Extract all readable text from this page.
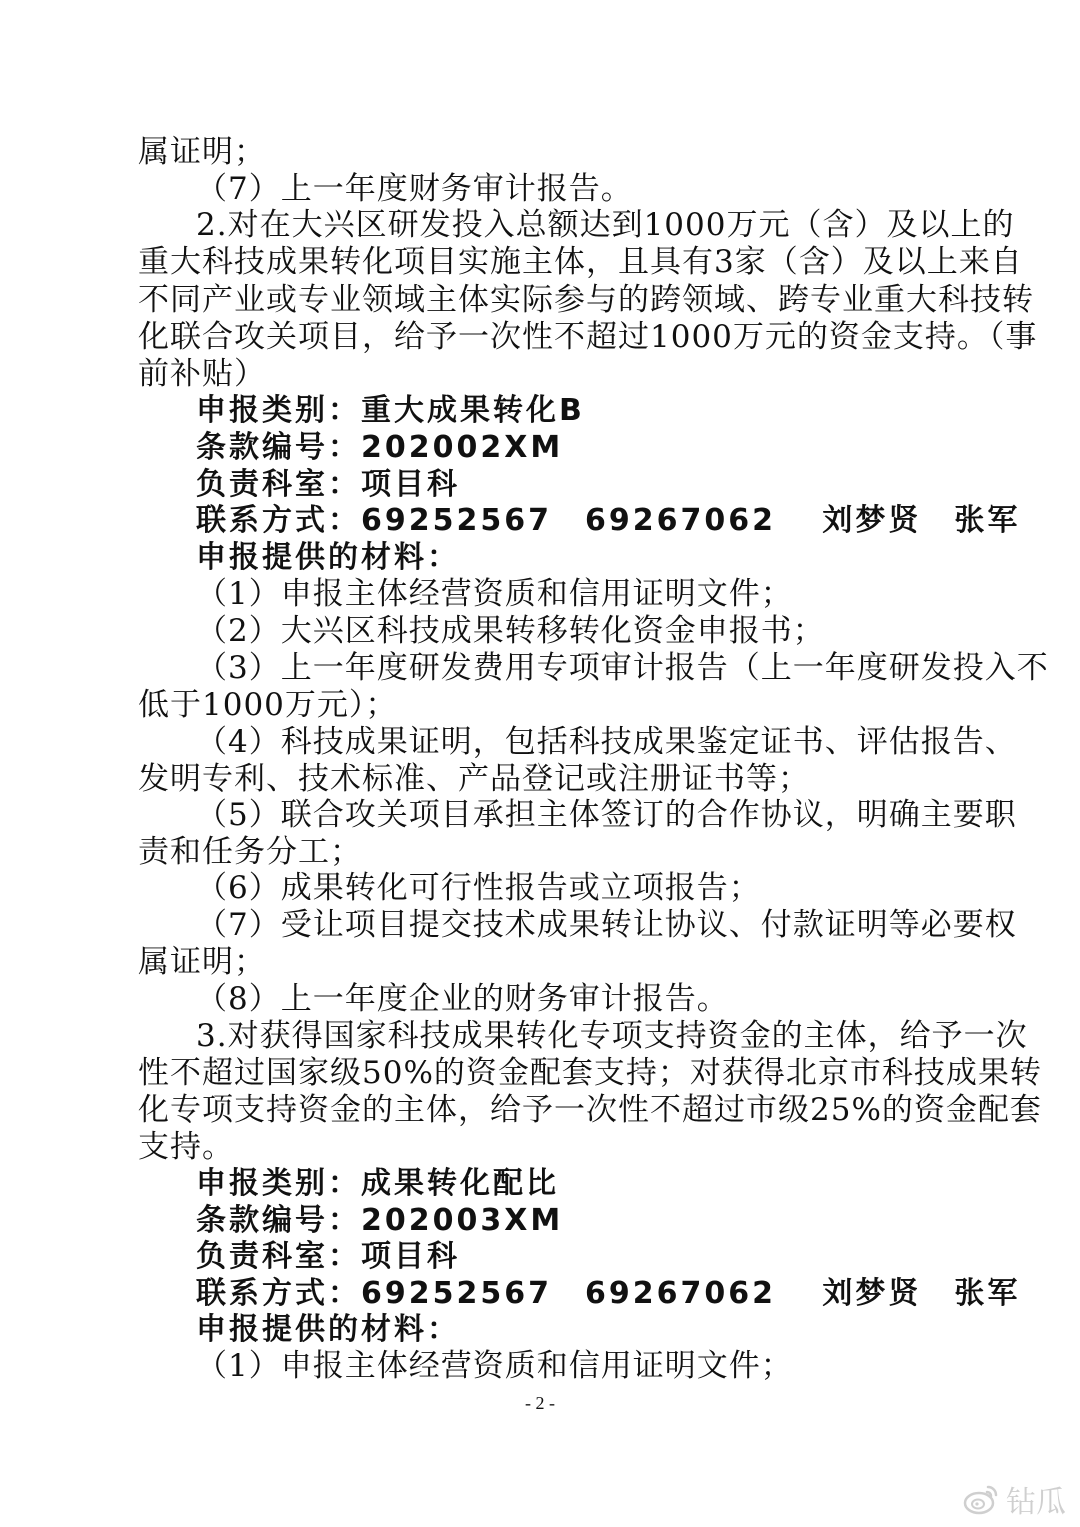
属证明；
（7）上一年度财务审计报告。
2.对在大兴区研发投入总额达到1000万元（含）及以上的
重大科技成果转化项目实施主体，且具有3家（含）及以上来自
不同产业或专业领域主体实际参与的跨领域、跨专业重大科技转
化联合攻关项目，给予一次性不超过1000万元的资金支持。（事
前补贴）
申报类别：重大成果转化B
条款编号：202002XM
负责科室：项目科
联系方式：69252567　69267062　 刘梦贤　张军
申报提供的材料：
（1）申报主体经营资质和信用证明文件；
（2）大兴区科技成果转移转化资金申报书；
（3）上一年度研发费用专项审计报告（上一年度研发投入不
低于1000万元）；
（4）科技成果证明，包括科技成果鉴定证书、评估报告、
发明专利、技术标准、产品登记或注册证书等；
（5）联合攻关项目承担主体签订的合作协议，明确主要职
责和任务分工；
（6）成果转化可行性报告或立项报告；
（7）受让项目提交技术成果转让协议、付款证明等必要权
属证明；
（8）上一年度企业的财务审计报告。
3.对获得国家科技成果转化专项支持资金的主体，给予一次
性不超过国家级50%的资金配套支持；对获得北京市科技成果转
化专项支持资金的主体，给予一次性不超过市级25%的资金配套
支持。
申报类别：成果转化配比
条款编号：202003XM
负责科室：项目科
联系方式：69252567　69267062　 刘梦贤　张军
申报提供的材料：
（1）申报主体经营资质和信用证明文件；
- 2 -
钻瓜
